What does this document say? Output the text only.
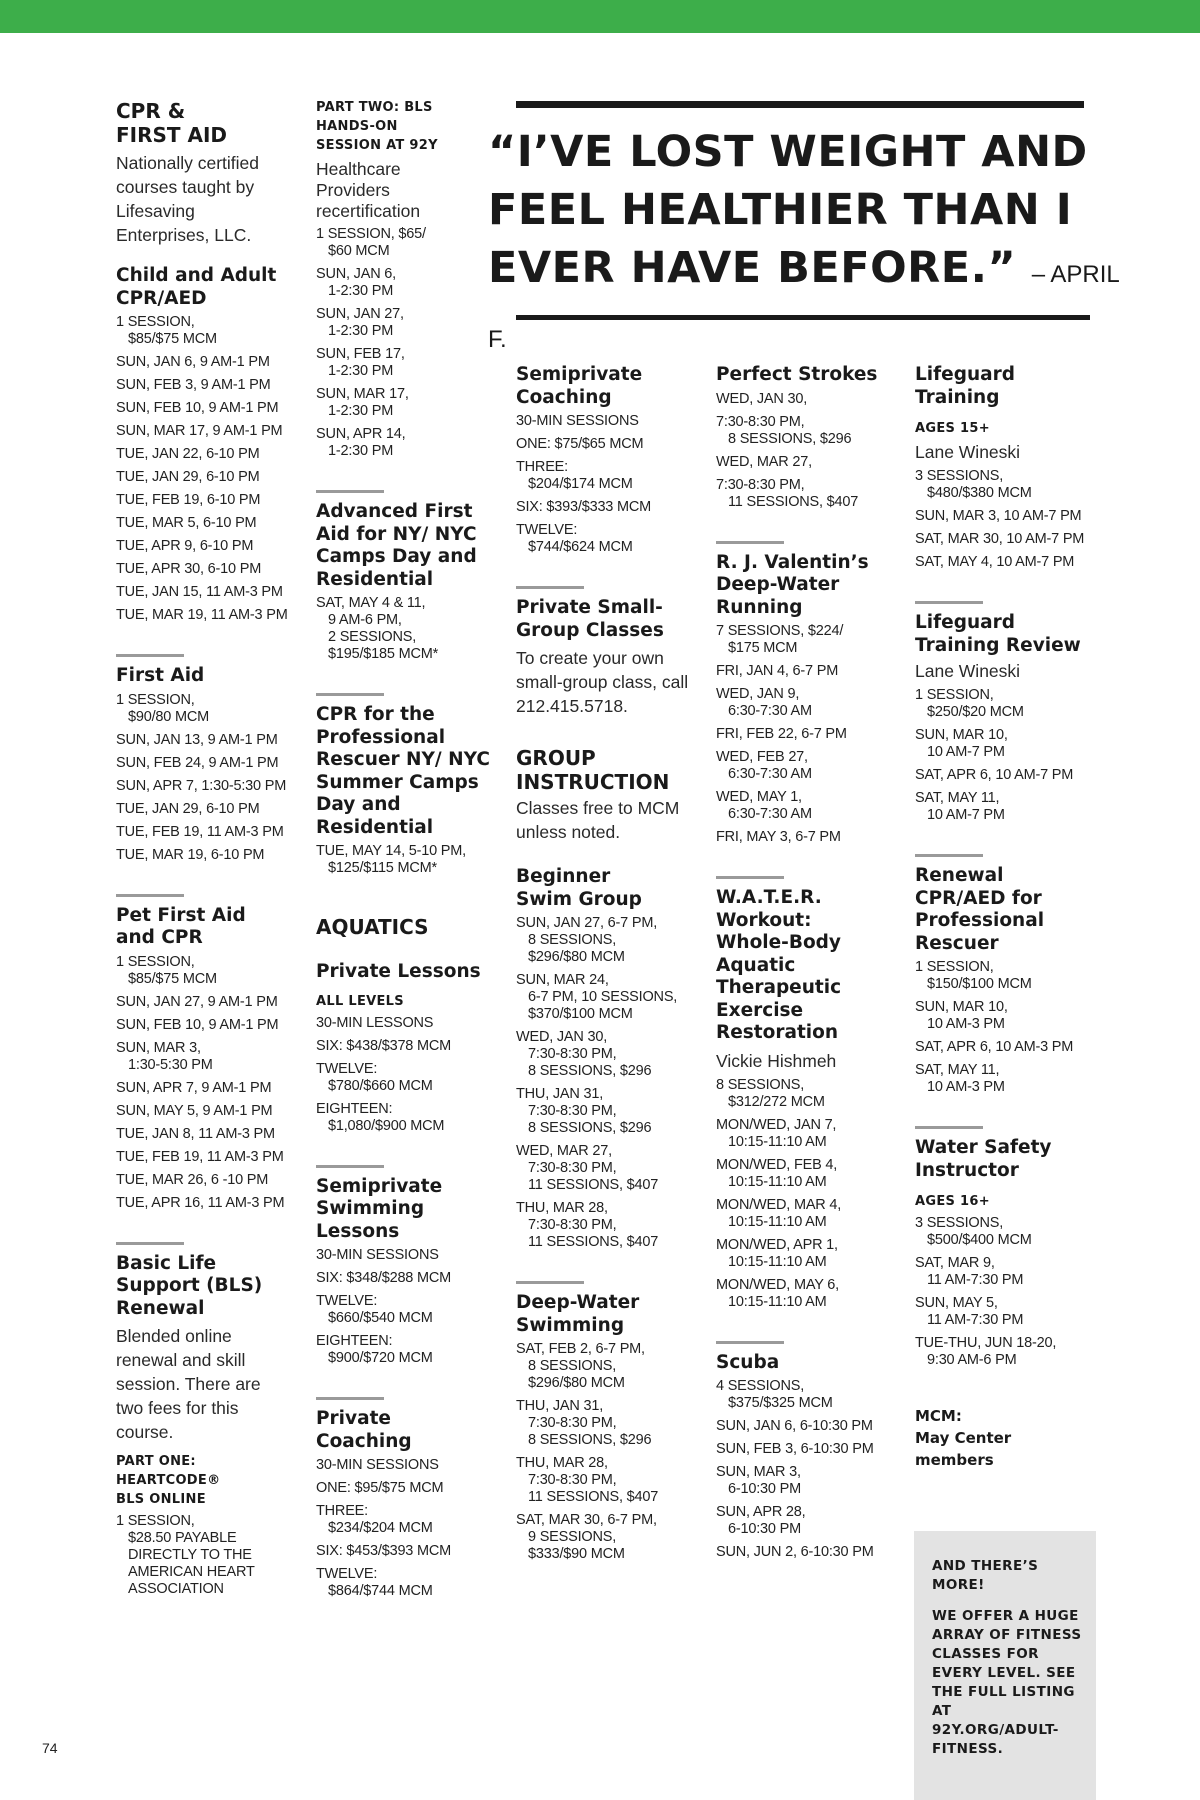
“I’VE LOST WEIGHT AND FEEL HEALTHIER THAN I EVER HAVE BEFORE.” – APRIL F.
CPR & FIRST AID
Nationally certified courses taught by Lifesaving Enterprises, LLC.
Child and Adult CPR/AED
1 SESSION,
$85/$75 MCM
SUN, JAN 6, 9 AM-1 PM
SUN, FEB 3, 9 AM-1 PM
SUN, FEB 10, 9 AM-1 PM
SUN, MAR 17, 9 AM-1 PM
TUE, JAN 22, 6-10 PM
TUE, JAN 29, 6-10 PM
TUE, FEB 19, 6-10 PM
TUE, MAR 5, 6-10 PM
TUE, APR 9, 6-10 PM
TUE, APR 30, 6-10 PM
TUE, JAN 15, 11 AM-3 PM
TUE, MAR 19, 11 AM-3 PM
First Aid
1 SESSION,
$90/80 MCM
SUN, JAN 13, 9 AM-1 PM
SUN, FEB 24, 9 AM-1 PM
SUN, APR 7, 1:30-5:30 PM
TUE, JAN 29, 6-10 PM
TUE, FEB 19, 11 AM-3 PM
TUE, MAR 19, 6-10 PM
Pet First Aid and CPR
1 SESSION,
$85/$75 MCM
SUN, JAN 27, 9 AM-1 PM
SUN, FEB 10, 9 AM-1 PM
SUN, MAR 3,
1:30-5:30 PM
SUN, APR 7, 9 AM-1 PM
SUN, MAY 5, 9 AM-1 PM
TUE, JAN 8, 11 AM-3 PM
TUE, FEB 19, 11 AM-3 PM
TUE, MAR 26, 6 -10 PM
TUE, APR 16, 11 AM-3 PM
Basic Life Support (BLS) Renewal
Blended online renewal and skill session. There are two fees for this course.
PART ONE: HEARTCODE® BLS ONLINE
1 SESSION,
$28.50 PAYABLE
DIRECTLY TO THE
AMERICAN HEART
ASSOCIATION
PART TWO: BLS HANDS-ON SESSION AT 92Y
Healthcare Providers recertification
1 SESSION, $65/
$60 MCM
SUN, JAN 6,
1-2:30 PM
SUN, JAN 27,
1-2:30 PM
SUN, FEB 17,
1-2:30 PM
SUN, MAR 17,
1-2:30 PM
SUN, APR 14,
1-2:30 PM
Advanced First Aid for NY/ NYC Camps Day and Residential
SAT, MAY 4 & 11,
9 AM-6 PM,
2 SESSIONS,
$195/$185 MCM*
CPR for the Professional Rescuer NY/ NYC Summer Camps Day and Residential
TUE, MAY 14, 5-10 PM,
$125/$115 MCM*
AQUATICS
Private Lessons
ALL LEVELS
30-MIN LESSONS
SIX: $438/$378 MCM
TWELVE:
$780/$660 MCM
EIGHTEEN:
$1,080/$900 MCM
Semiprivate Swimming Lessons
30-MIN SESSIONS
SIX: $348/$288 MCM
TWELVE:
$660/$540 MCM
EIGHTEEN:
$900/$720 MCM
Private Coaching
30-MIN SESSIONS
ONE: $95/$75 MCM
THREE:
$234/$204 MCM
SIX: $453/$393 MCM
TWELVE:
$864/$744 MCM
Semiprivate Coaching
30-MIN SESSIONS
ONE: $75/$65 MCM
THREE:
$204/$174 MCM
SIX: $393/$333 MCM
TWELVE:
$744/$624 MCM
Private Small-Group Classes
To create your own small-group class, call 212.415.5718.
GROUP INSTRUCTION
Classes free to MCM unless noted.
Beginner Swim Group
SUN, JAN 27, 6-7 PM,
8 SESSIONS,
$296/$80 MCM
SUN, MAR 24,
6-7 PM, 10 SESSIONS,
$370/$100 MCM
WED, JAN 30,
7:30-8:30 PM,
8 SESSIONS, $296
THU, JAN 31,
7:30-8:30 PM,
8 SESSIONS, $296
WED, MAR 27,
7:30-8:30 PM,
11 SESSIONS, $407
THU, MAR 28,
7:30-8:30 PM,
11 SESSIONS, $407
Deep-Water Swimming
SAT, FEB 2, 6-7 PM,
8 SESSIONS,
$296/$80 MCM
THU, JAN 31,
7:30-8:30 PM,
8 SESSIONS, $296
THU, MAR 28,
7:30-8:30 PM,
11 SESSIONS, $407
SAT, MAR 30, 6-7 PM,
9 SESSIONS,
$333/$90 MCM
Perfect Strokes
WED, JAN 30,
7:30-8:30 PM,
8 SESSIONS, $296
WED, MAR 27,
7:30-8:30 PM,
11 SESSIONS, $407
R. J. Valentin’s Deep-Water Running
7 SESSIONS, $224/
$175 MCM
FRI, JAN 4, 6-7 PM
WED, JAN 9,
6:30-7:30 AM
FRI, FEB 22, 6-7 PM
WED, FEB 27,
6:30-7:30 AM
WED, MAY 1,
6:30-7:30 AM
FRI, MAY 3, 6-7 PM
W.A.T.E.R. Workout: Whole-Body Aquatic Therapeutic Exercise Restoration
Vickie Hishmeh
8 SESSIONS,
$312/272 MCM
MON/WED, JAN 7,
10:15-11:10 AM
MON/WED, FEB 4,
10:15-11:10 AM
MON/WED, MAR 4,
10:15-11:10 AM
MON/WED, APR 1,
10:15-11:10 AM
MON/WED, MAY 6,
10:15-11:10 AM
Scuba
4 SESSIONS,
$375/$325 MCM
SUN, JAN 6, 6-10:30 PM
SUN, FEB 3, 6-10:30 PM
SUN, MAR 3,
6-10:30 PM
SUN, APR 28,
6-10:30 PM
SUN, JUN 2, 6-10:30 PM
Lifeguard Training
AGES 15+
Lane Wineski
3 SESSIONS,
$480/$380 MCM
SUN, MAR 3, 10 AM-7 PM
SAT, MAR 30, 10 AM-7 PM
SAT, MAY 4, 10 AM-7 PM
Lifeguard Training Review
Lane Wineski
1 SESSION,
$250/$20 MCM
SUN, MAR 10,
10 AM-7 PM
SAT, APR 6, 10 AM-7 PM
SAT, MAY 11,
10 AM-7 PM
Renewal CPR/AED for Professional Rescuer
1 SESSION,
$150/$100 MCM
SUN, MAR 10,
10 AM-3 PM
SAT, APR 6, 10 AM-3 PM
SAT, MAY 11,
10 AM-3 PM
Water Safety Instructor
AGES 16+
3 SESSIONS,
$500/$400 MCM
SAT, MAR 9,
11 AM-7:30 PM
SUN, MAY 5,
11 AM-7:30 PM
TUE-THU, JUN 18-20,
9:30 AM-6 PM
MCM:
May Center members
AND THERE’S MORE!
WE OFFER A HUGE ARRAY OF FITNESS CLASSES FOR EVERY LEVEL. SEE THE FULL LISTING AT 92Y.ORG/ADULT-FITNESS.
74
